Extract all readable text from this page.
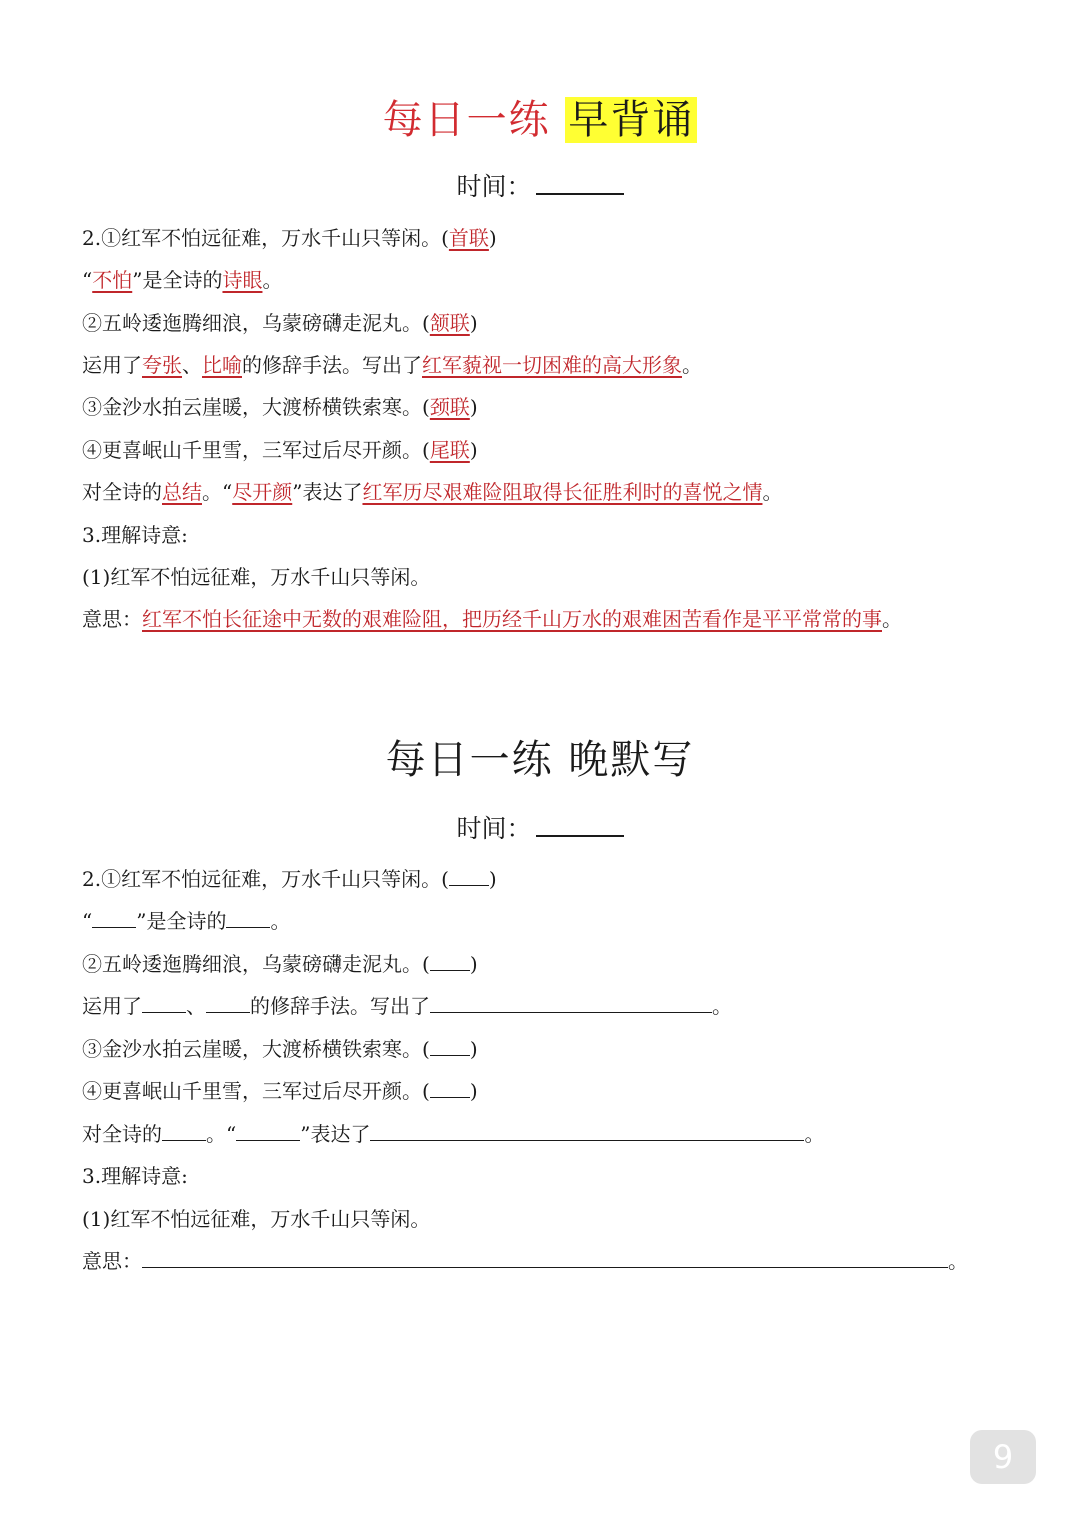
每日一练 早背诵
时间：
2.①红军不怕远征难，万水千山只等闲。(首联)
“不怕”是全诗的诗眼。
②五岭逶迤腾细浪，乌蒙磅礴走泥丸。(颔联)
运用了夸张、比喻的修辞手法。写出了红军藐视一切困难的高大形象。
③金沙水拍云崖暖，大渡桥横铁索寒。(颈联)
④更喜岷山千里雪，三军过后尽开颜。(尾联)
对全诗的总结。“尽开颜”表达了红军历尽艰难险阻取得长征胜利时的喜悦之情。
3.理解诗意:
(1)红军不怕远征难，万水千山只等闲。
意思：红军不怕长征途中无数的艰难险阻，把历经千山万水的艰难困苦看作是平平常常的事。
每日一练 晚默写
时间：
2.①红军不怕远征难，万水千山只等闲。( )
“ ”是全诗的 。
②五岭逶迤腾细浪，乌蒙磅礴走泥丸。( )
运用了 、 的修辞手法。写出了	。
③金沙水拍云崖暖，大渡桥横铁索寒。( )
④更喜岷山千里雪，三军过后尽开颜。( )
对全诗的 。“	”表达了	。
3.理解诗意:
(1)红军不怕远征难，万水千山只等闲。
意思：	。
9
